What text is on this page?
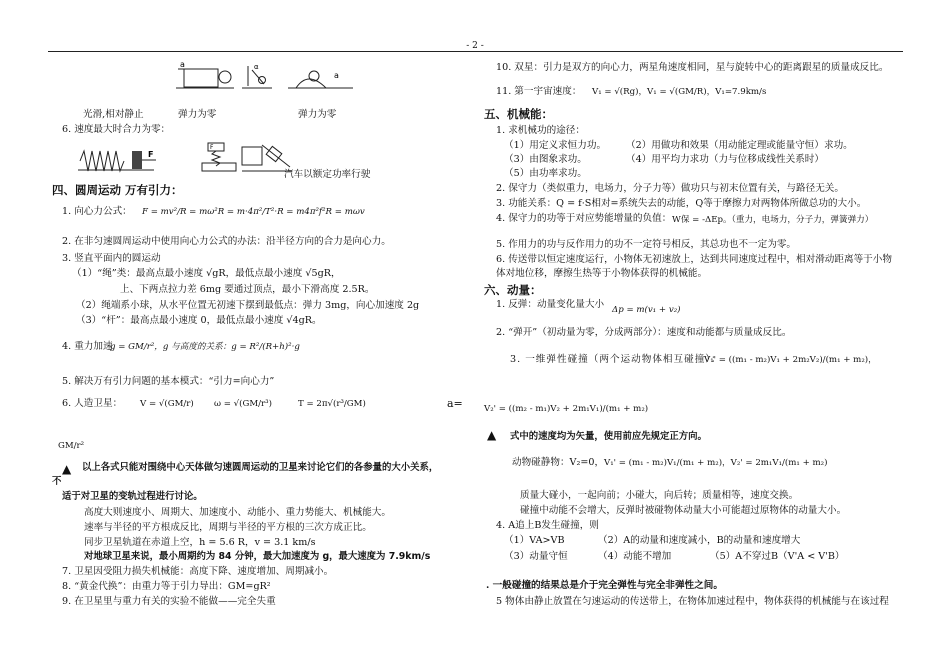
- 2 -
a	α
a
光滑,相对静止	弹力为零	弹力为零
6. 速度最大时合力为零：
F
F
汽车以额定功率行驶
四、圆周运动 万有引力：
1. 向心力公式： F = mv²/R = mω²R = m·4π²/T²·R = m4π²f²R = mωv
2. 在非匀速圆周运动中使用向心力公式的办法：沿半径方向的合力是向心力。
3. 竖直平面内的圆运动
（1）“绳”类：最高点最小速度 √gR，最低点最小速度 √5gR，
上、下两点拉力差 6mg 要通过顶点，最小下滑高度 2.5R。
（2）绳端系小球，从水平位置无初速下摆到最低点：弹力 3mg，向心加速度 2g
（3）“杆”：最高点最小速度 0，最低点最小速度 √4gR。
4. 重力加速
g = GM/r²，g 与高度的关系：g = R²/(R+h)²·g
5. 解决万有引力问题的基本模式：“引力=向心力”
6. 人造卫星： V = √(GM/r) ω = √(GM/r³)	T = 2π√(r³/GM)	a=
GM/r²
▲ 以上各式只能对围绕中心天体做匀速圆周运动的卫星来讨论它们的各参量的大小关系，
不
适于对卫星的变轨过程进行讨论。
高度大则速度小、周期大、加速度小、动能小、重力势能大、机械能大。
速率与半径的平方根成反比，周期与半径的平方根的三次方成正比。
同步卫星轨道在赤道上空，h = 5.6 R，v = 3.1 km/s
对地球卫星来说，最小周期约为 84 分钟，最大加速度为 g，最大速度为 7.9km/s
7. 卫星因受阻力损失机械能：高度下降、速度增加、周期减小。
8. “黄金代换”：由重力等于引力导出：GM=gR²
9. 在卫星里与重力有关的实验不能做——完全失重
10. 双星：引力是双方的向心力，两星角速度相同，星与旋转中心的距离跟星的质量成反比。
11. 第一宇宙速度： V₁ = √(Rg)，V₁ = √(GM/R)，V₁=7.9km/s
五、机械能：
1. 求机械功的途径：
（1）用定义求恒力功。 （2）用做功和效果（用动能定理或能量守恒）求功。
（3）由图象求功。	（4）用平均力求功（力与位移成线性关系时）
（5）由功率求功。
2. 保守力（类似重力，电场力，分子力等）做功只与初末位置有关，与路径无关。
3. 功能关系：Q = f·S相对=系统失去的动能，Q等于摩擦力对两物体所做总功的大小。
4. 保守力的功等于对应势能增量的负值： W保 = -ΔEp。（重力，电场力，分子力，弹簧弹力）
5. 作用力的功与反作用力的功不一定符号相反，其总功也不一定为零。
6. 传送带以恒定速度运行，小物体无初速放上，达到共同速度过程中，相对滑动距离等于小物
体对地位移，摩擦生热等于小物体获得的机械能。
六、动量：
1. 反弹：动量变化量大小 Δp = m(v₁ + v₂)
2. “弹开”（初动量为零，分成两部分）：速度和动能都与质量成反比。
3. 一维弹性碰撞（两个运动物体相互碰撞）：
V₁' = ((m₁ - m₂)V₁ + 2m₂V₂)/(m₁ + m₂)，
V₂' = ((m₂ - m₁)V₂ + 2m₁V₁)/(m₁ + m₂)
▲ 式中的速度均为矢量，使用前应先规定正方向。
动物碰静物：V₂=0， V₁' = (m₁ - m₂)V₁/(m₁ + m₂)，V₂' = 2m₁V₁/(m₁ + m₂)
质量大碰小，一起向前；小碰大，向后转；质量相等，速度交换。
碰撞中动能不会增大，反弹时被碰物体动量大小可能超过原物体的动量大小。
4. A追上B发生碰撞，则
（1）VA>VB	（2）A的动量和速度减小，B的动量和速度增大
（3）动量守恒	（4）动能不增加	（5）A不穿过B（V'A < V'B）
. 一般碰撞的结果总是介于完全弹性与完全非弹性之间。
5 物体由静止放置在匀速运动的传送带上，在物体加速过程中，物体获得的机械能与在该过程
